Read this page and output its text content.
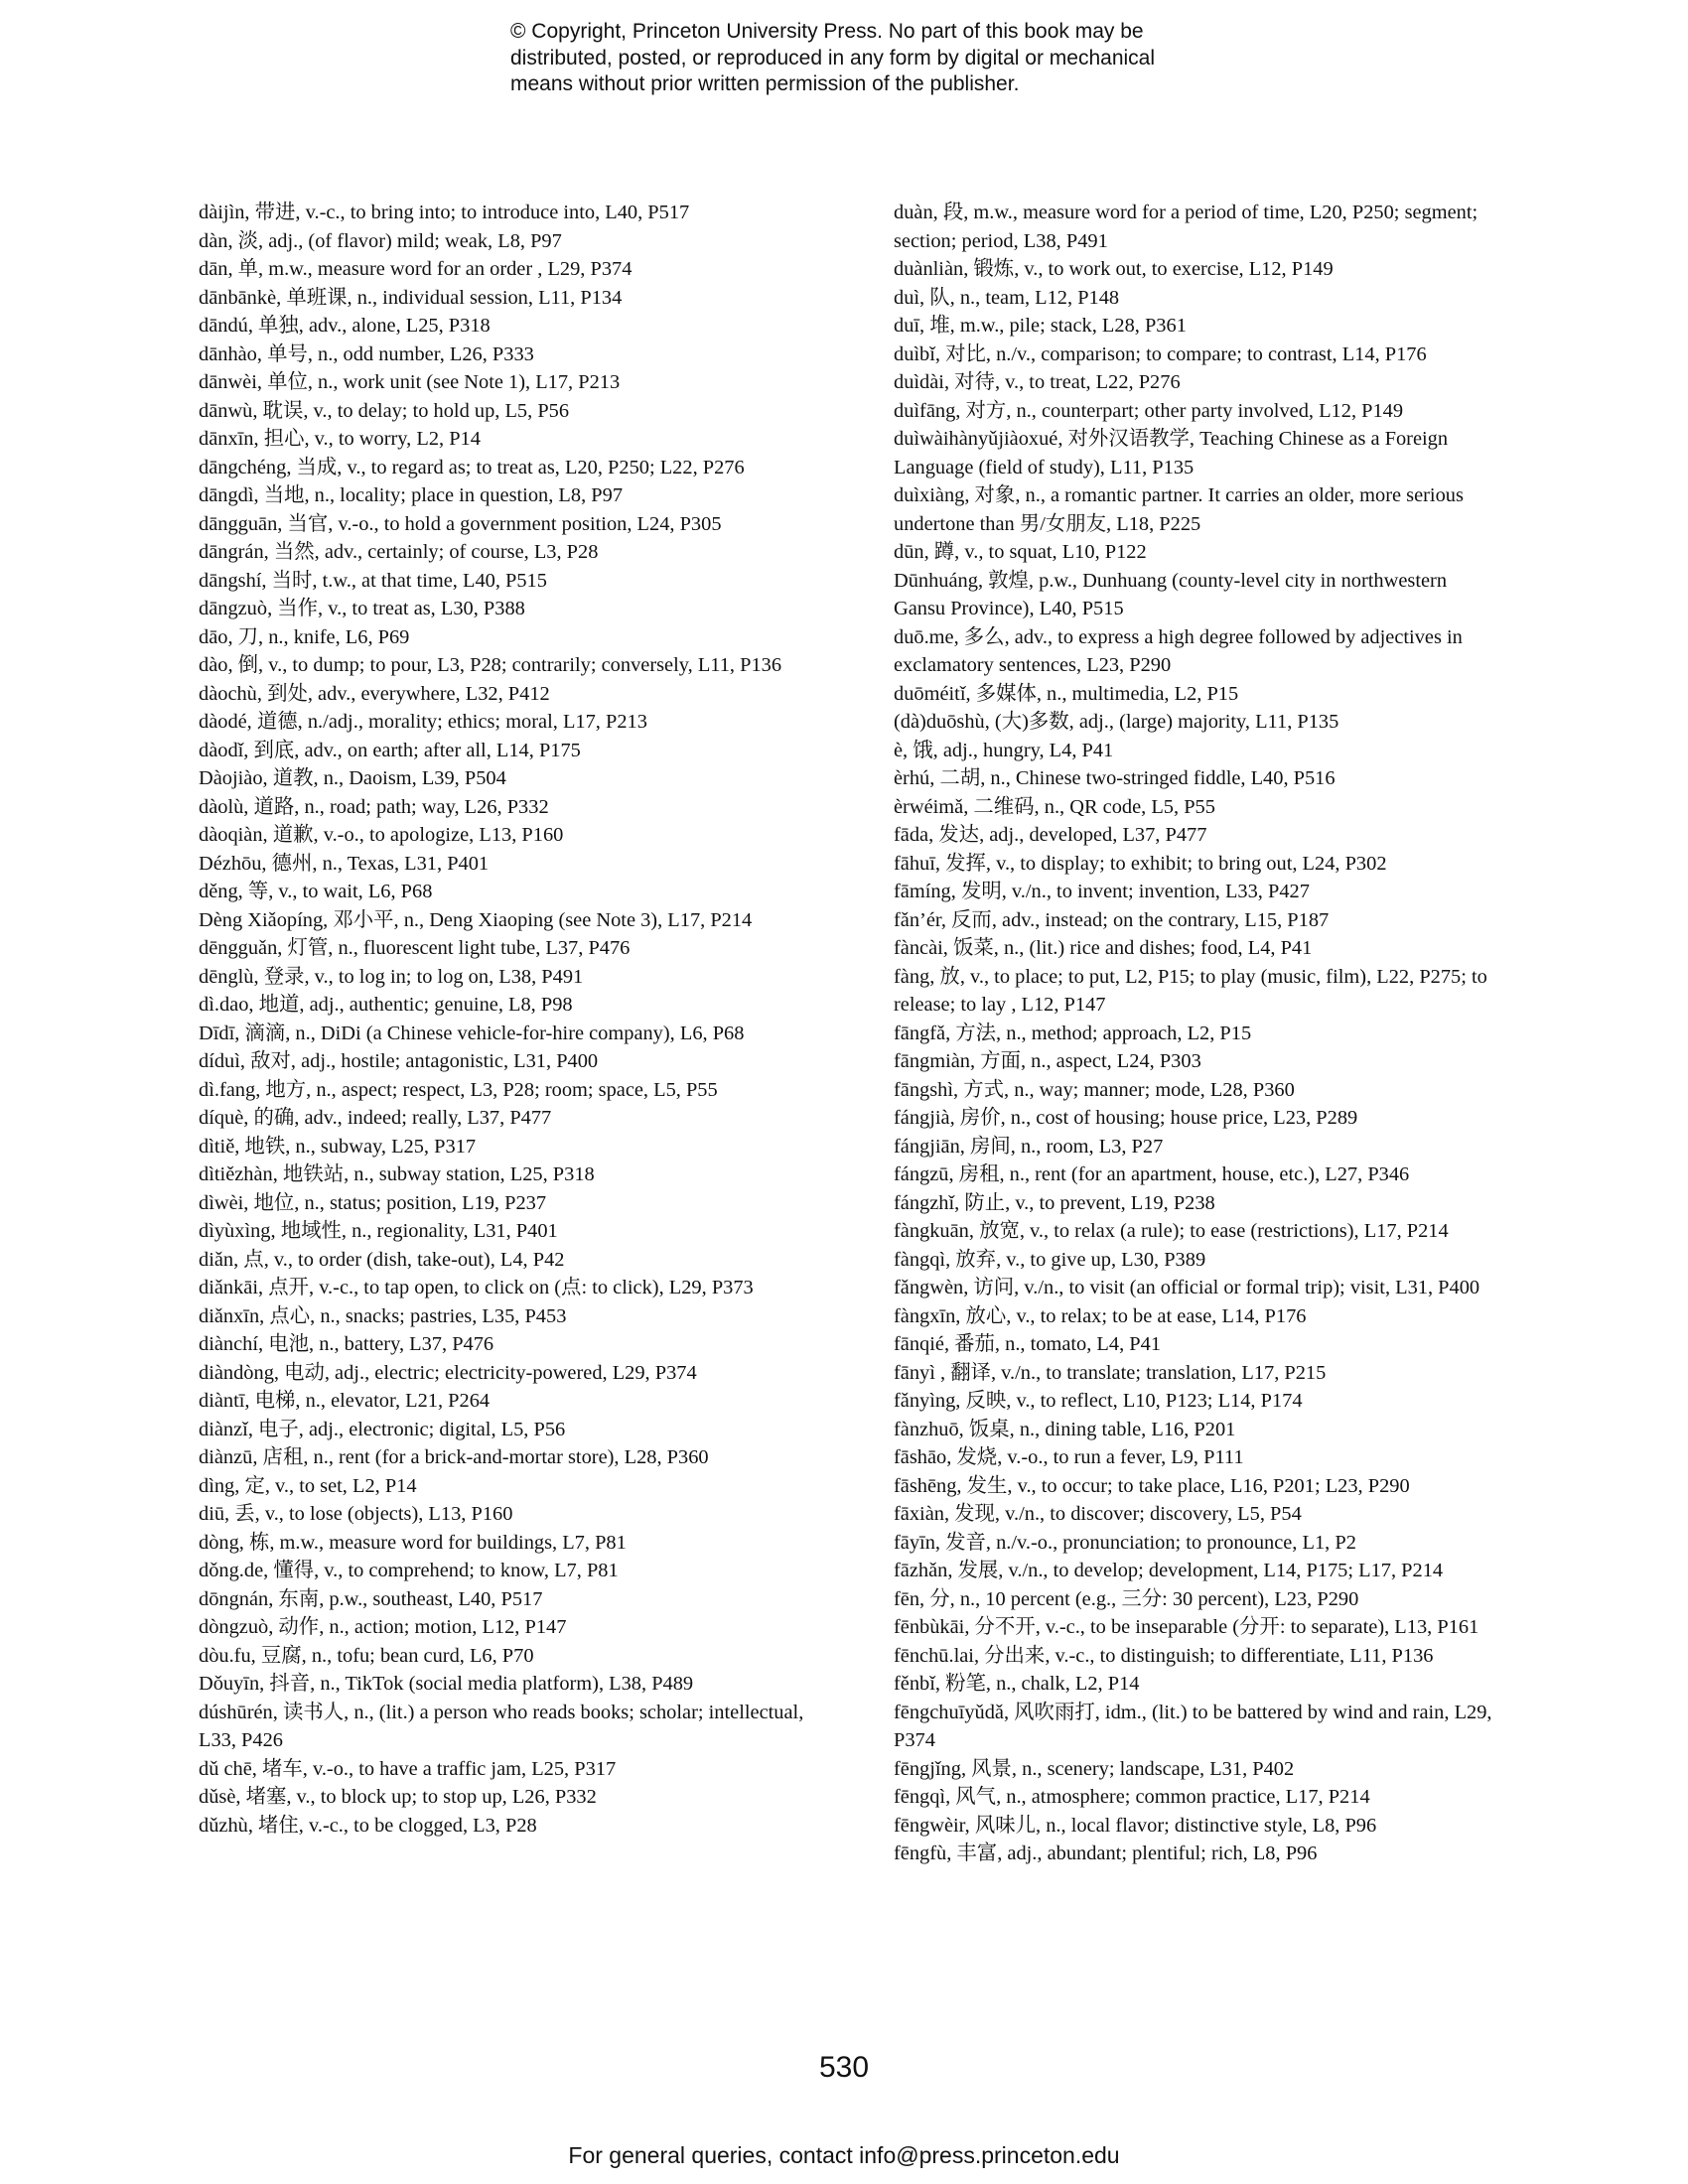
© Copyright, Princeton University Press. No part of this book may be
distributed, posted, or reproduced in any form by digital or mechanical
means without prior written permission of the publisher.

dàijìn, 带进, v.-c., to bring into; to introduce into, L40, P517

dàn, 淡, adj., (of flavor) mild; weak, L8, P97

dān, 单, m.w., measure word for an order , L29, P374

dānbānkè, 单班课, n., individual session, L11, P134

dāndú, 单独, adv., alone, L25, P318

dānhào, 单号, n., odd number, L26, P333

dānwèi, 单位, n., work unit (see Note 1), L17, P213

dānwù, 耽误, v., to delay; to hold up, L5, P56

dānxīn, 担心, v., to worry, L2, P14

dāngchéng, 当成, v., to regard as; to treat as, L20, P250; L22, P276

dāngdì, 当地, n., locality; place in question, L8, P97

dāngguān, 当官, v.-o., to hold a government position, L24, P305

dāngrán, 当然, adv., certainly; of course, L3, P28

dāngshí, 当时, t.w., at that time, L40, P515

dāngzuò, 当作, v., to treat as, L30, P388

dāo, 刀, n., knife, L6, P69

dào, 倒, v., to dump; to pour, L3, P28; contrarily; conversely, L11, P136

dàochù, 到处, adv., everywhere, L32, P412

dàodé, 道德, n./adj., morality; ethics; moral, L17, P213

dàodǐ, 到底, adv., on earth; after all, L14, P175

Dàojiào, 道教, n., Daoism, L39, P504

dàolù, 道路, n., road; path; way, L26, P332

dàoqiàn, 道歉, v.-o., to apologize, L13, P160

Dézhōu, 德州, n., Texas, L31, P401

děng, 等, v., to wait, L6, P68

Dèng Xiǎopíng, 邓小平, n., Deng Xiaoping (see Note 3), L17, P214

dēngguǎn, 灯管, n., fluorescent light tube, L37, P476

dēnglù, 登录, v., to log in; to log on, L38, P491

dì.dao, 地道, adj., authentic; genuine, L8, P98

Dīdī, 滴滴, n., DiDi (a Chinese vehicle-for-hire company), L6, P68

díduì, 敌对, adj., hostile; antagonistic, L31, P400

dì.fang, 地方, n., aspect; respect, L3, P28; room; space, L5, P55

díquè, 的确, adv., indeed; really, L37, P477

dìtiě, 地铁, n., subway, L25, P317

dìtiězhàn, 地铁站, n., subway station, L25, P318

dìwèi, 地位, n., status; position, L19, P237

dìyùxìng, 地域性, n., regionality, L31, P401

diǎn, 点, v., to order (dish, take-out), L4, P42

diǎnkāi, 点开, v.-c., to tap open, to click on (点: to click), L29, P373

diǎnxīn, 点心, n., snacks; pastries, L35, P453

diànchí, 电池, n., battery, L37, P476

diàndòng, 电动, adj., electric; electricity-powered, L29, P374

diàntī, 电梯, n., elevator, L21, P264

diànzǐ, 电子, adj., electronic; digital, L5, P56

diànzū, 店租, n., rent (for a brick-and-mortar store), L28, P360

dìng, 定, v., to set, L2, P14

diū, 丢, v., to lose (objects), L13, P160

dòng, 栋, m.w., measure word for buildings, L7, P81

dǒng.de, 懂得, v., to comprehend; to know, L7, P81

dōngnán, 东南, p.w., southeast, L40, P517

dòngzuò, 动作, n., action; motion, L12, P147

dòu.fu, 豆腐, n., tofu; bean curd, L6, P70

Dǒuyīn, 抖音, n., TikTok (social media platform), L38, P489

dúshūrén, 读书人, n., (lit.) a person who reads books; scholar; intellectual, L33, P426

dǔ chē, 堵车, v.-o., to have a traffic jam, L25, P317

dǔsè, 堵塞, v., to block up; to stop up, L26, P332

dǔzhù, 堵住, v.-c., to be clogged, L3, P28

duàn, 段, m.w., measure word for a period of time, L20, P250; segment; section; period, L38, P491

duànliàn, 锻炼, v., to work out, to exercise, L12, P149

duì, 队, n., team, L12, P148

duī, 堆, m.w., pile; stack, L28, P361

duìbǐ, 对比, n./v., comparison; to compare; to contrast, L14, P176

duìdài, 对待, v., to treat, L22, P276

duìfāng, 对方, n., counterpart; other party involved, L12, P149

duìwàihànyǔjiàoxué, 对外汉语教学, Teaching Chinese as a Foreign Language (field of study), L11, P135

duìxiàng, 对象, n., a romantic partner. It carries an older, more serious undertone than 男/女朋友, L18, P225

dūn, 蹲, v., to squat, L10, P122

Dūnhuáng, 敦煌, p.w., Dunhuang (county-level city in northwestern Gansu Province), L40, P515

duō.me, 多么, adv., to express a high degree followed by adjectives in exclamatory sentences, L23, P290

duōméitǐ, 多媒体, n., multimedia, L2, P15

(dà)duōshù, (大)多数, adj., (large) majority, L11, P135

è, 饿, adj., hungry, L4, P41

èrhú, 二胡, n., Chinese two-stringed fiddle, L40, P516

èrwéimǎ, 二维码, n., QR code, L5, P55

fāda, 发达, adj., developed, L37, P477

fāhuī, 发挥, v., to display; to exhibit; to bring out, L24, P302

fāmíng, 发明, v./n., to invent; invention, L33, P427

fǎn’ér, 反而, adv., instead; on the contrary, L15, P187

fàncài, 饭菜, n., (lit.) rice and dishes; food, L4, P41

fàng, 放, v., to place; to put, L2, P15; to play (music, film), L22, P275; to release; to lay , L12, P147

fāngfǎ, 方法, n., method; approach, L2, P15

fāngmiàn, 方面, n., aspect, L24, P303

fāngshì, 方式, n., way; manner; mode, L28, P360

fángjià, 房价, n., cost of housing; house price, L23, P289

fángjiān, 房间, n., room, L3, P27

fángzū, 房租, n., rent (for an apartment, house, etc.), L27, P346

fángzhǐ, 防止, v., to prevent, L19, P238

fàngkuān, 放宽, v., to relax (a rule); to ease (restrictions), L17, P214

fàngqì, 放弃, v., to give up, L30, P389

fǎngwèn, 访问, v./n., to visit (an official or formal trip); visit, L31, P400

fàngxīn, 放心, v., to relax; to be at ease, L14, P176

fānqié, 番茄, n., tomato, L4, P41

fānyì , 翻译, v./n., to translate; translation, L17, P215

fǎnyìng, 反映, v., to reflect, L10, P123; L14, P174

fànzhuō, 饭桌, n., dining table, L16, P201

fāshāo, 发烧, v.-o., to run a fever, L9, P111

fāshēng, 发生, v., to occur; to take place, L16, P201; L23, P290

fāxiàn, 发现, v./n., to discover; discovery, L5, P54

fāyīn, 发音, n./v.-o., pronunciation; to pronounce, L1, P2

fāzhǎn, 发展, v./n., to develop; development, L14, P175; L17, P214

fēn, 分, n., 10 percent (e.g., 三分: 30 percent), L23, P290

fēnbùkāi, 分不开, v.-c., to be inseparable (分开: to separate), L13, P161

fēnchū.lai, 分出来, v.-c., to distinguish; to differentiate, L11, P136

fěnbǐ, 粉笔, n., chalk, L2, P14

fēngchuīyǔdǎ, 风吹雨打, idm., (lit.) to be battered by wind and rain, L29, P374

fēngjǐng, 风景, n., scenery; landscape, L31, P402

fēngqì, 风气, n., atmosphere; common practice, L17, P214

fēngwèir, 风味儿, n., local flavor; distinctive style, L8, P96

fēngfù, 丰富, adj., abundant; plentiful; rich, L8, P96

530
For general queries, contact info@press.princeton.edu
